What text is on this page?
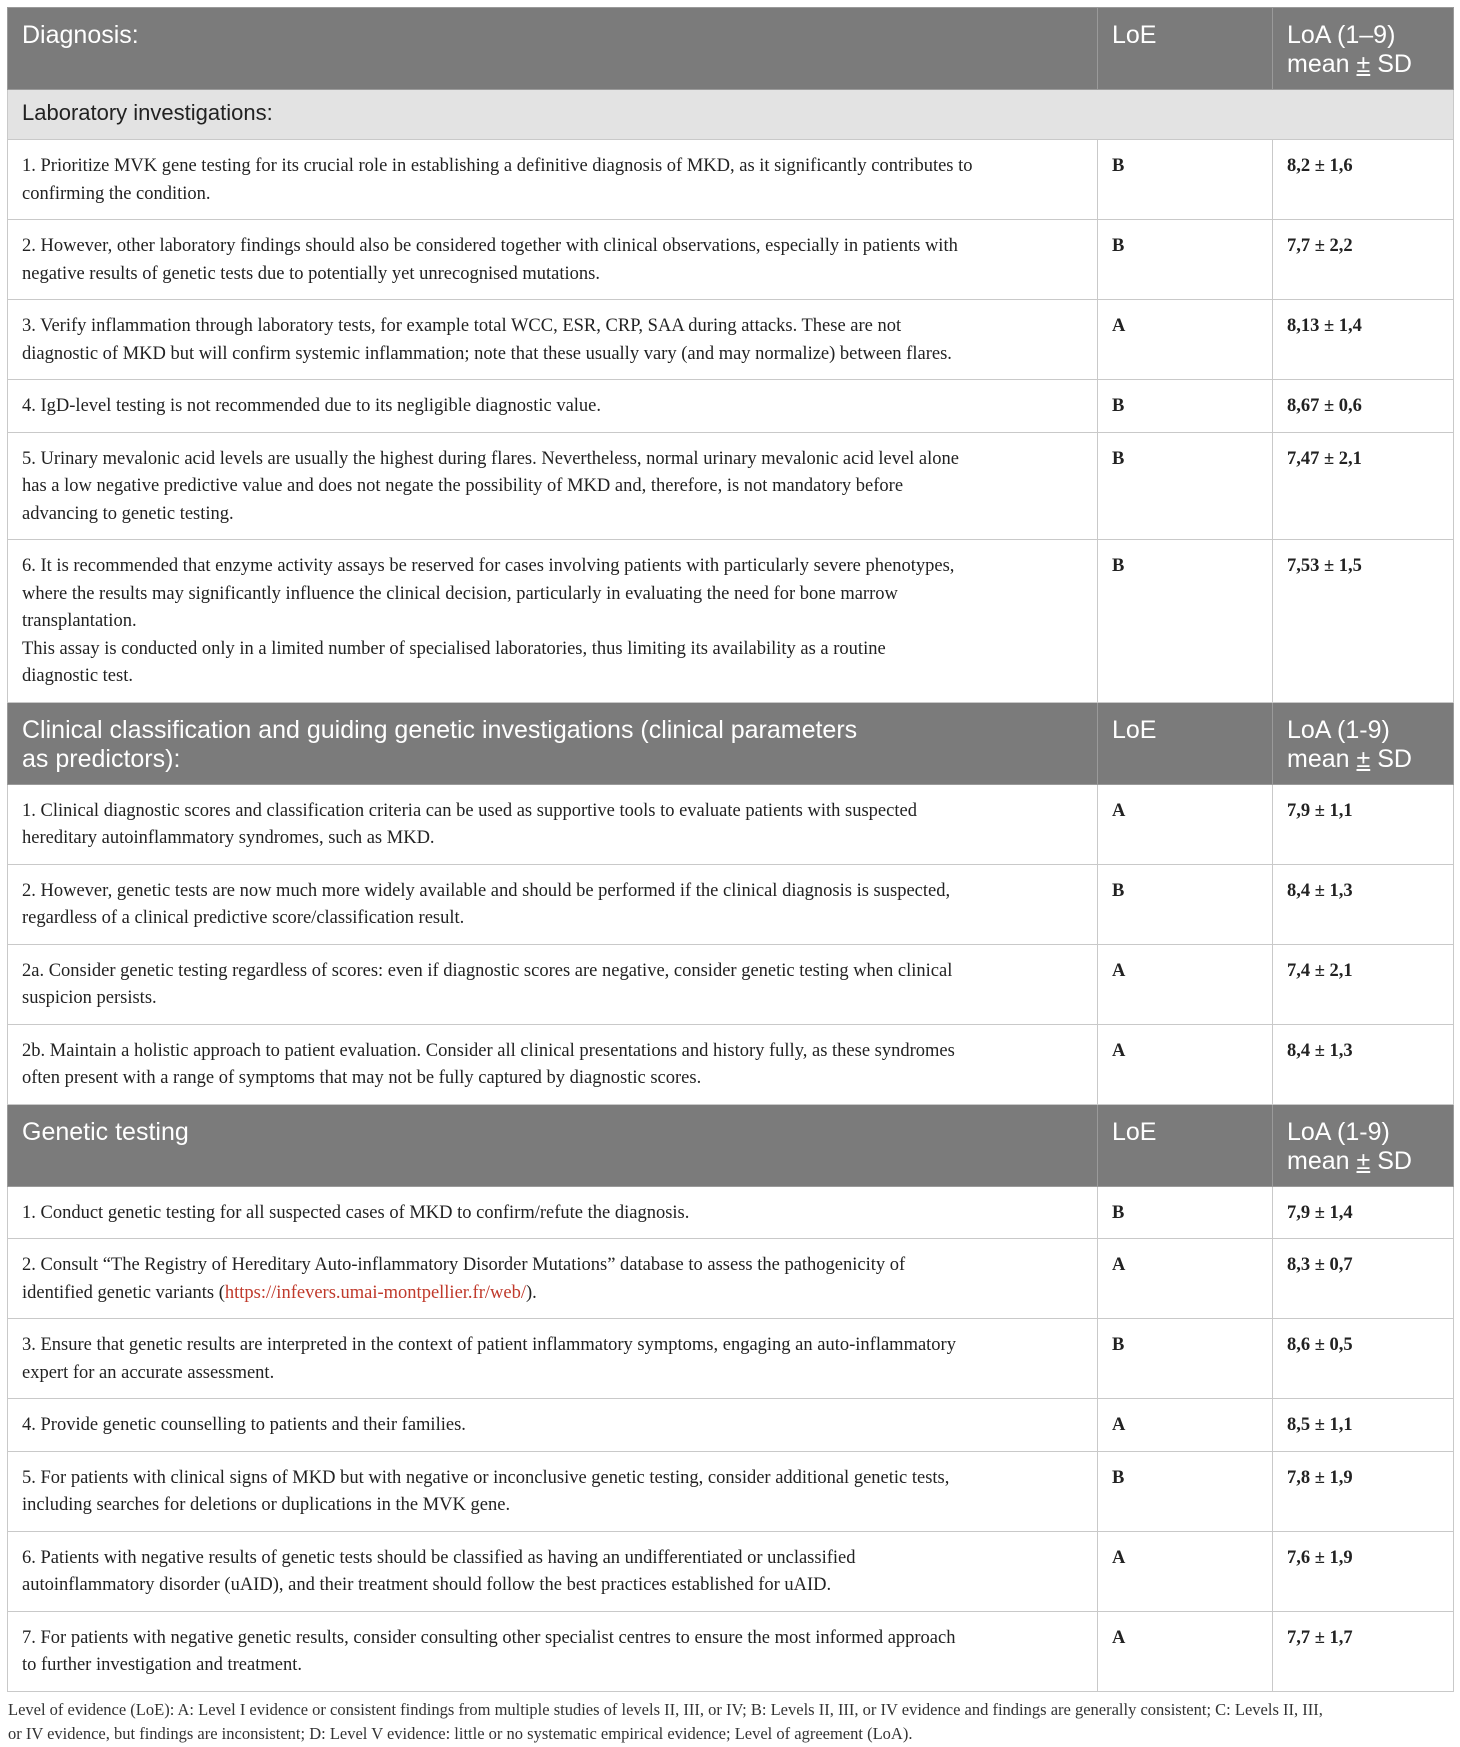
Diagnosis:	LoE	LoA (1–9)
mean ± SD

Laboratory investigations:		

1. Prioritize MVK gene testing for its crucial role in establishing a definitive diagnosis of MKD, as it significantly contributes to
confirming the condition.	B	8,2 ± 1,6

2. However, other laboratory findings should also be considered together with clinical observations, especially in patients with
negative results of genetic tests due to potentially yet unrecognised mutations.	B	7,7 ± 2,2

3. Verify inflammation through laboratory tests, for example total WCC, ESR, CRP, SAA during attacks. These are not
diagnostic of MKD but will confirm systemic inflammation; note that these usually vary (and may normalize) between flares.	A	8,13 ± 1,4

4. IgD-level testing is not recommended due to its negligible diagnostic value.	B	8,67 ± 0,6

5. Urinary mevalonic acid levels are usually the highest during flares. Nevertheless, normal urinary mevalonic acid level alone
has a low negative predictive value and does not negate the possibility of MKD and, therefore, is not mandatory before
advancing to genetic testing.	B	7,47 ± 2,1

6. It is recommended that enzyme activity assays be reserved for cases involving patients with particularly severe phenotypes,
where the results may significantly influence the clinical decision, particularly in evaluating the need for bone marrow
transplantation.
This assay is conducted only in a limited number of specialised laboratories, thus limiting its availability as a routine
diagnostic test.	B	7,53 ± 1,5

Clinical classification and guiding genetic investigations (clinical parameters
as predictors):	LoE	LoA (1-9)
mean ± SD

1. Clinical diagnostic scores and classification criteria can be used as supportive tools to evaluate patients with suspected
hereditary autoinflammatory syndromes, such as MKD.	A	7,9 ± 1,1

2. However, genetic tests are now much more widely available and should be performed if the clinical diagnosis is suspected,
regardless of a clinical predictive score/classification result.	B	8,4 ± 1,3

2a. Consider genetic testing regardless of scores: even if diagnostic scores are negative, consider genetic testing when clinical
suspicion persists.	A	7,4 ± 2,1

2b. Maintain a holistic approach to patient evaluation. Consider all clinical presentations and history fully, as these syndromes
often present with a range of symptoms that may not be fully captured by diagnostic scores.	A	8,4 ± 1,3
Genetic testing	LoE	LoA (1-9)
mean ± SD

1. Conduct genetic testing for all suspected cases of MKD to confirm/refute the diagnosis.	B	7,9 ± 1,4

2. Consult “The Registry of Hereditary Auto-inflammatory Disorder Mutations” database to assess the pathogenicity of
identified genetic variants (https://infevers.umai-montpellier.fr/web/).	A	8,3 ± 0,7

3. Ensure that genetic results are interpreted in the context of patient inflammatory symptoms, engaging an auto-inflammatory
expert for an accurate assessment.	B	8,6 ± 0,5

4. Provide genetic counselling to patients and their families.	A	8,5 ± 1,1

5. For patients with clinical signs of MKD but with negative or inconclusive genetic testing, consider additional genetic tests,
including searches for deletions or duplications in the MVK gene.	B	7,8 ± 1,9

6. Patients with negative results of genetic tests should be classified as having an undifferentiated or unclassified
autoinflammatory disorder (uAID), and their treatment should follow the best practices established for uAID.	A	7,6 ± 1,9

7. For patients with negative genetic results, consider consulting other specialist centres to ensure the most informed approach
to further investigation and treatment.	A	7,7 ± 1,7
Level of evidence (LoE): A: Level I evidence or consistent findings from multiple studies of levels II, III, or IV; B: Levels II, III, or IV evidence and findings are generally consistent; C: Levels II, III,
or IV evidence, but findings are inconsistent; D: Level V evidence: little or no systematic empirical evidence; Level of agreement (LoA).
